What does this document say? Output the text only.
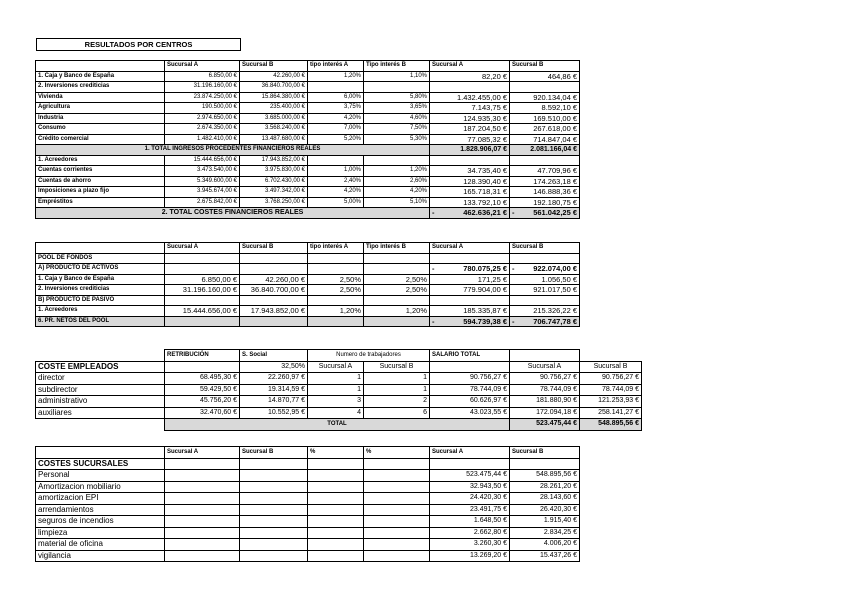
RESULTADOS POR CENTROS
	Sucursal A	Sucursal B	tipo interés A	Tipo interés B	Sucursal A	Sucursal B
1. Caja y Banco de España	6.850,00 €	42.260,00 €	1,20%	1,10%	82,20 €	464,86 €
2. Inversiones crediticias	31.196.160,00 €	36.840.700,00 €				
Vivienda	23.874.250,00 €	15.864.380,00 €	6,00%	5,80%	1.432.455,00 €	920.134,04 €
Agricultura	190.500,00 €	235.400,00 €	3,75%	3,65%	7.143,75 €	8.592,10 €
Industria	2.974.650,00 €	3.685.000,00 €	4,20%	4,60%	124.935,30 €	169.510,00 €
Consumo	2.674.350,00 €	3.568.240,00 €	7,00%	7,50%	187.204,50 €	267.618,00 €
Crédito comercial	1.482.410,00 €	13.487.680,00 €	5,20%	5,30%	77.085,32 €	714.847,04 €
1. TOTAL INGRESOS PROCEDENTES FINANCIEROS REALES					1.828.906,07 €	2.081.166,04 €
1. Acreedores	15.444.656,00 €	17.943.852,00 €				
Cuentas corrientes	3.473.540,00 €	3.975.830,00 €	1,00%	1,20%	34.735,40 €	47.709,96 €
Cuentas de ahorro	5.349.600,00 €	6.702.430,00 €	2,40%	2,60%	128.390,40 €	174.263,18 €
Imposiciones a plazo fijo	3.945.674,00 €	3.497.342,00 €	4,20%	4,20%	165.718,31 €	146.888,36 €
Empréstitos	2.675.842,00 €	3.768.250,00 €	5,00%	5,10%	133.792,10 €	192.180,75 €
2. TOTAL COSTES FINANCIEROS REALES					- 462.636,21 €	- 561.042,25 €
	Sucursal A	Sucursal B	tipo interés A	Tipo interés B	Sucursal A	Sucursal B
POOL DE FONDOS						
A) PRODUCTO DE ACTIVOS					- 780.075,25 €	- 922.074,00 €

1. Caja y Banco de España	6.850,00 €	42.260,00 €	2,50%	2,50%	171,25 €	1.056,50 €
2. Inversiones crediticias	31.196.160,00 €	36.840.700,00 €	2,50%	2,50%	779.904,00 €	921.017,50 €
B) PRODUCTO DE PASIVO						
1. Acreedores	15.444.656,00 €	17.943.852,00 €	1,20%	1,20%	185.335,87 €	215.326,22 €
6. PR. NETOS DEL POOL					- 594.739,38 €	- 706.747,78 €
	RETRIBUCIÓN	S. Social	Numero de trabajadores		SALARIO TOTAL		
COSTE EMPLEADOS		32,50%	Sucursal A	Sucursal B		Sucursal A	Sucursal B
director	68.495,30 €	22.260,97 €	1	1	90.756,27 €	90.756,27 €	90.756,27 €
subdirector	59.429,50 €	19.314,59 €	1	1	78.744,09 €	78.744,09 €	78.744,09 €
administrativo	45.756,20 €	14.870,77 €	3	2	60.626,97 €	181.880,90 €	121.253,93 €
auxiliares	32.470,60 €	10.552,95 €	4	6	43.023,55 €	172.094,18 €	258.141,27 €
	TOTAL					523.475,44 €	548.895,56 €
	Sucursal A	Sucursal B	%	%	Sucursal A	Sucursal B
COSTES SUCURSALES						
Personal					523.475,44 €	548.895,56 €
Amortizacion mobiliario					32.943,50 €	28.261,20 €
amortizacion EPI					24.420,30 €	28.143,60 €
arrendamientos					23.491,75 €	26.420,30 €
seguros de incendios					1.648,50 €	1.915,40 €
limpieza					2.662,80 €	2.834,25 €
material de oficina					3.260,30 €	4.006,20 €
vigilancia					13.269,20 €	15.437,26 €
